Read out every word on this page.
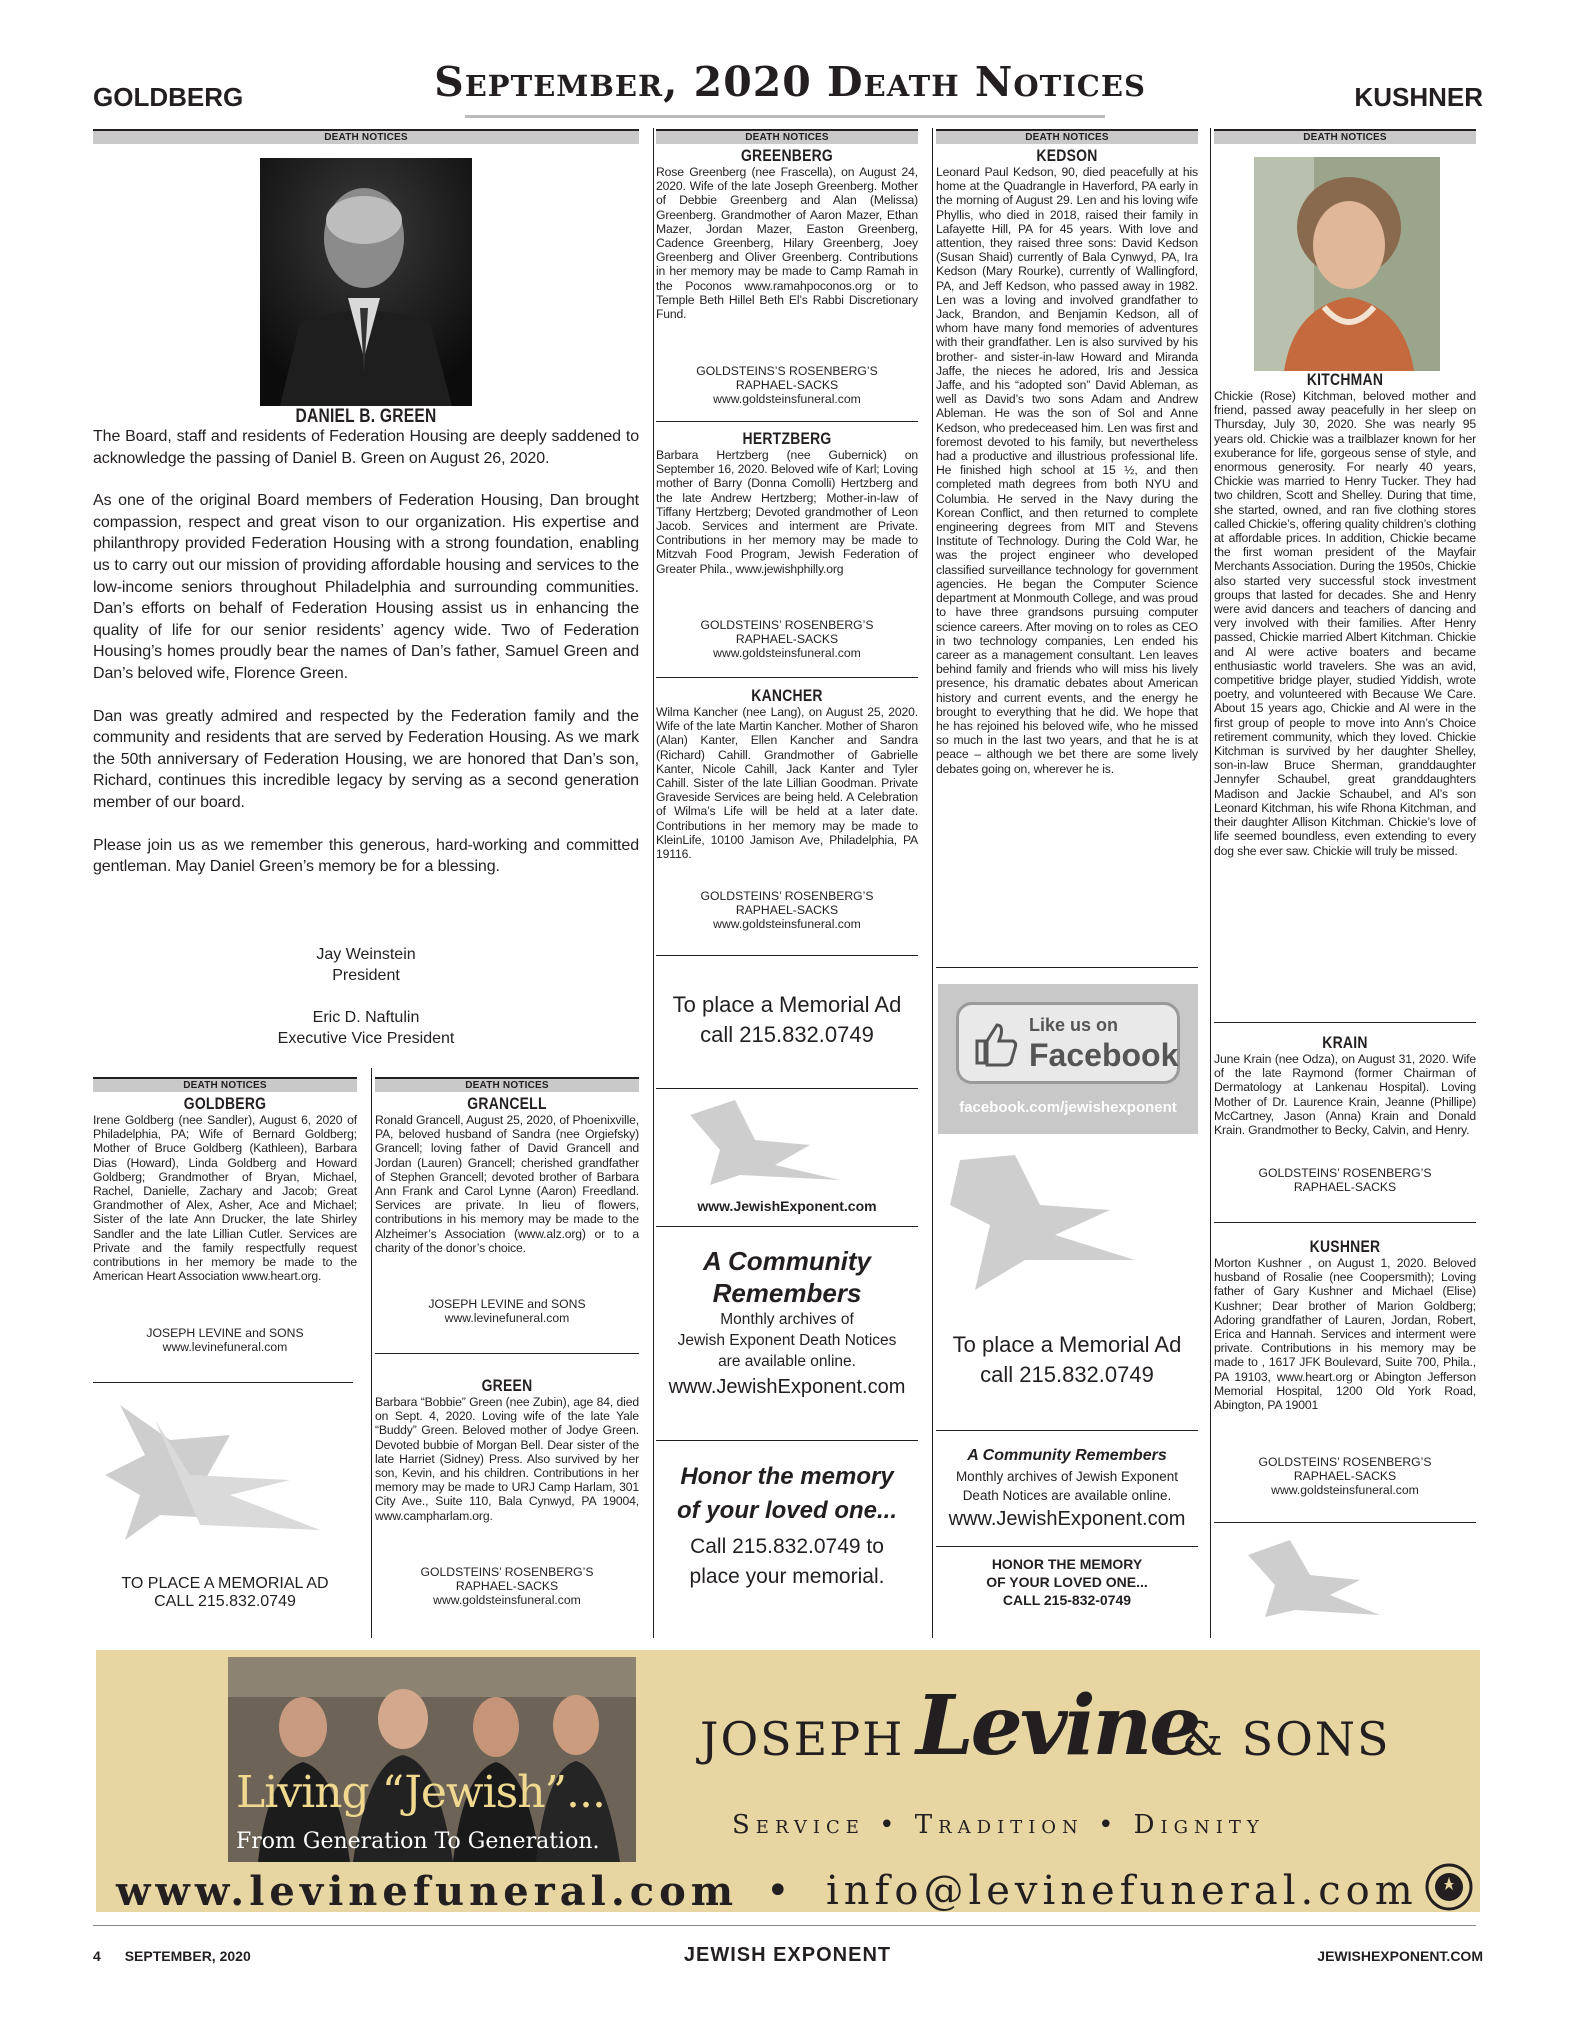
GOLDBERG	September, 2020 Death Notices	KUSHNER
DEATH NOTICES
DANIEL B. GREEN

The Board, staff and residents of Federation Housing are deeply saddened to acknowledge the passing of Daniel B. Green on August 26, 2020.

As one of the original Board members of Federation Housing, Dan brought compassion, respect and great vison to our organization. His expertise and philanthropy provided Federation Housing with a strong foundation, enabling us to carry out our mission of providing affordable housing and services to the low-income seniors throughout Philadelphia and surrounding communities. Dan’s efforts on behalf of Federation Housing assist us in enhancing the quality of life for our senior residents’ agency wide. Two of Federation Housing’s homes proudly bear the names of Dan’s father, Samuel Green and Dan’s beloved wife, Florence Green.

Dan was greatly admired and respected by the Federation family and the community and residents that are served by Federation Housing. As we mark the 50th anniversary of Federation Housing, we are honored that Dan’s son, Richard, continues this incredible legacy by serving as a second generation member of our board.

Please join us as we remember this generous, hard-working and committed gentleman. May Daniel Green’s memory be for a blessing.

Jay Weinstein
President
Eric D. Naftulin
Executive Vice President
DEATH NOTICES
GOLDBERG
Irene Goldberg (nee Sandler), August 6, 2020 of Philadelphia, PA; Wife of Bernard Goldberg; Mother of Bruce Goldberg (Kathleen), Barbara Dias (Howard), Linda Goldberg and Howard Goldberg; Grandmother of Bryan, Michael, Rachel, Danielle, Zachary and Jacob; Great Grandmother of Alex, Asher, Ace and Michael; Sister of the late Ann Drucker, the late Shirley Sandler and the late Lillian Cutler. Services are Private and the family respectfully request contributions in her memory be made to the American Heart Association www.heart.org.
JOSEPH LEVINE and SONS
www.levinefuneral.com
TO PLACE A MEMORIAL AD
CALL 215.832.0749
DEATH NOTICES
GRANCELL
Ronald Grancell, August 25, 2020, of Phoenixville, PA, beloved husband of Sandra (nee Orgiefsky) Grancell; loving father of David Grancell and Jordan (Lauren) Grancell; cherished grandfather of Stephen Grancell; devoted brother of Barbara Ann Frank and Carol Lynne (Aaron) Freedland. Services are private. In lieu of flowers, contributions in his memory may be made to the Alzheimer’s Association (www.alz.org) or to a charity of the donor’s choice.
JOSEPH LEVINE and SONS
www.levinefuneral.com
GREEN
Barbara “Bobbie” Green (nee Zubin), age 84, died on Sept. 4, 2020. Loving wife of the late Yale “Buddy” Green. Beloved mother of Jodye Green. Devoted bubbie of Morgan Bell. Dear sister of the late Harriet (Sidney) Press. Also survived by her son, Kevin, and his children. Contributions in her memory may be made to URJ Camp Harlam, 301 City Ave., Suite 110, Bala Cynwyd, PA 19004, www.campharlam.org.
GOLDSTEINS’ ROSENBERG’S
RAPHAEL-SACKS
www.goldsteinsfuneral.com
DEATH NOTICES
GREENBERG
Rose Greenberg (nee Frascella), on August 24, 2020. Wife of the late Joseph Greenberg. Mother of Debbie Greenberg and Alan (Melissa) Greenberg. Grandmother of Aaron Mazer, Ethan Mazer, Jordan Mazer, Easton Greenberg, Cadence Greenberg, Hilary Greenberg, Joey Greenberg and Oliver Greenberg. Contributions in her memory may be made to Camp Ramah in the Poconos www.ramahpoconos.org or to Temple Beth Hillel Beth El’s Rabbi Discretionary Fund.
GOLDSTEINS’S ROSENBERG’S
RAPHAEL-SACKS
www.goldsteinsfuneral.com
HERTZBERG
Barbara Hertzberg (nee Gubernick) on September 16, 2020. Beloved wife of Karl; Loving mother of Barry (Donna Comolli) Hertzberg and the late Andrew Hertzberg; Mother-in-law of Tiffany Hertzberg; Devoted grandmother of Leon Jacob. Services and interment are Private. Contributions in her memory may be made to Mitzvah Food Program, Jewish Federation of Greater Phila., www.jewishphilly.org
GOLDSTEINS’ ROSENBERG’S
RAPHAEL-SACKS
www.goldsteinsfuneral.com
KANCHER
Wilma Kancher (nee Lang), on August 25, 2020. Wife of the late Martin Kancher. Mother of Sharon (Alan) Kanter, Ellen Kancher and Sandra (Richard) Cahill. Grandmother of Gabrielle Kanter, Nicole Cahill, Jack Kanter and Tyler Cahill. Sister of the late Lillian Goodman. Private Graveside Services are being held. A Celebration of Wilma’s Life will be held at a later date. Contributions in her memory may be made to KleinLife, 10100 Jamison Ave, Philadelphia, PA 19116.
GOLDSTEINS’ ROSENBERG’S
RAPHAEL-SACKS
www.goldsteinsfuneral.com
To place a Memorial Ad
call 215.832.0749
www.JewishExponent.com
A Community
Remembers
Monthly archives of
Jewish Exponent Death Notices
are available online.
www.JewishExponent.com
Honor the memory
of your loved one...
Call 215.832.0749 to
place your memorial.
DEATH NOTICES
KEDSON
Leonard Paul Kedson, 90, died peacefully at his home at the Quadrangle in Haverford, PA early in the morning of August 29. Len and his loving wife Phyllis, who died in 2018, raised their family in Lafayette Hill, PA for 45 years. With love and attention, they raised three sons: David Kedson (Susan Shaid) currently of Bala Cynwyd, PA, Ira Kedson (Mary Rourke), currently of Wallingford, PA, and Jeff Kedson, who passed away in 1982. Len was a loving and involved grandfather to Jack, Brandon, and Benjamin Kedson, all of whom have many fond memories of adventures with their grandfather. Len is also survived by his brother- and sister-in-law Howard and Miranda Jaffe, the nieces he adored, Iris and Jessica Jaffe, and his “adopted son” David Ableman, as well as David’s two sons Adam and Andrew Ableman. He was the son of Sol and Anne Kedson, who predeceased him. Len was first and foremost devoted to his family, but nevertheless had a productive and illustrious professional life. He finished high school at 15 ½, and then completed math degrees from both NYU and Columbia. He served in the Navy during the Korean Conflict, and then returned to complete engineering degrees from MIT and Stevens Institute of Technology. During the Cold War, he was the project engineer who developed classified surveillance technology for government agencies. He began the Computer Science department at Monmouth College, and was proud to have three grandsons pursuing computer science careers. After moving on to roles as CEO in two technology companies, Len ended his career as a management consultant. Len leaves behind family and friends who will miss his lively presence, his dramatic debates about American history and current events, and the energy he brought to everything that he did. We hope that he has rejoined his beloved wife, who he missed so much in the last two years, and that he is at peace – although we bet there are some lively debates going on, wherever he is.
Like us on
Facebook
facebook.com/jewishexponent
To place a Memorial Ad
call 215.832.0749
A Community Remembers
Monthly archives of Jewish Exponent
Death Notices are available online.
www.JewishExponent.com
HONOR THE MEMORY
OF YOUR LOVED ONE...
CALL 215-832-0749
DEATH NOTICES
KITCHMAN
Chickie (Rose) Kitchman, beloved mother and friend, passed away peacefully in her sleep on Thursday, July 30, 2020. She was nearly 95 years old. Chickie was a trailblazer known for her exuberance for life, gorgeous sense of style, and enormous generosity. For nearly 40 years, Chickie was married to Henry Tucker. They had two children, Scott and Shelley. During that time, she started, owned, and ran five clothing stores called Chickie’s, offering quality children’s clothing at affordable prices. In addition, Chickie became the first woman president of the Mayfair Merchants Association. During the 1950s, Chickie also started very successful stock investment groups that lasted for decades. She and Henry were avid dancers and teachers of dancing and very involved with their families. After Henry passed, Chickie married Albert Kitchman. Chickie and Al were active boaters and became enthusiastic world travelers. She was an avid, competitive bridge player, studied Yiddish, wrote poetry, and volunteered with Because We Care. About 15 years ago, Chickie and Al were in the first group of people to move into Ann’s Choice retirement community, which they loved. Chickie Kitchman is survived by her daughter Shelley, son-in-law Bruce Sherman, granddaughter Jennyfer Schaubel, great granddaughters Madison and Jackie Schaubel, and Al’s son Leonard Kitchman, his wife Rhona Kitchman, and their daughter Allison Kitchman. Chickie’s love of life seemed boundless, even extending to every dog she ever saw. Chickie will truly be missed.
KRAIN
June Krain (nee Odza), on August 31, 2020. Wife of the late Raymond (former Chairman of Dermatology at Lankenau Hospital). Loving Mother of Dr. Laurence Krain, Jeanne (Phillipe) McCartney, Jason (Anna) Krain and Donald Krain. Grandmother to Becky, Calvin, and Henry.
GOLDSTEINS’ ROSENBERG’S
RAPHAEL-SACKS
KUSHNER
Morton Kushner , on August 1, 2020. Beloved husband of Rosalie (nee Coopersmith); Loving father of Gary Kushner and Michael (Elise) Kushner; Dear brother of Marion Goldberg; Adoring grandfather of Lauren, Jordan, Robert, Erica and Hannah. Services and interment were private. Contributions in his memory may be made to , 1617 JFK Boulevard, Suite 700, Phila., PA 19103, www.heart.org or Abington Jefferson Memorial Hospital, 1200 Old York Road, Abington, PA 19001
GOLDSTEINS’ ROSENBERG’S
RAPHAEL-SACKS
www.goldsteinsfuneral.com
Living “Jewish”...
From Generation To Generation.
JOSEPH Levine
& SONS
Service • Tradition • Dignity
www.levinefuneral.com • info@levinefuneral.com
4 SEPTEMBER, 2020	JEWISH EXPONENT	JEWISHEXPONENT.COM
